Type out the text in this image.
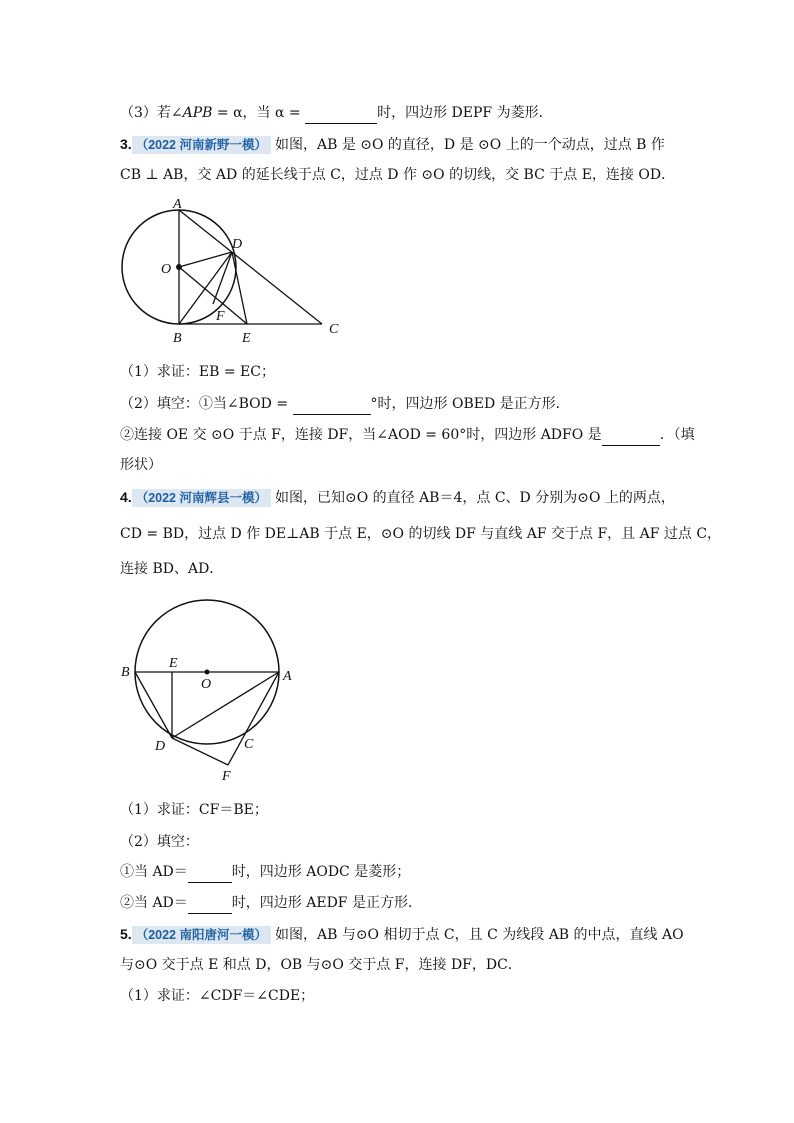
（3）若∠APB = α，当 α =	时，四边形 DEPF 为菱形．
3. （2022 河南新野一模） 如图，AB 是 ⊙O 的直径，D 是 ⊙O 上的一个动点，过点 B 作
CB ⊥ AB，交 AD 的延长线于点 C，过点 D 作 ⊙O 的切线，交 BC 于点 E，连接 OD．
A
D
O
F
B	E
C
（1）求证：EB = EC；
（2）填空：①当∠BOD =	°时，四边形 OBED 是正方形．
②连接 OE 交 ⊙O 于点 F，连接 DF，当∠AOD = 60°时，四边形 ADFO 是	．（填
形状）
4. （2022 河南辉县一模） 如图，已知⊙O 的直径 AB＝4，点 C、D 分别为⊙O 上的两点，
CD = BD，过点 D 作 DE⊥AB 于点 E，⊙O 的切线 DF 与直线 AF 交于点 F，且 AF 过点 C，
连接 BD、AD．
B
E
O
A
D	C
F
（1）求证：CF＝BE；
（2）填空：
①当 AD＝	时，四边形 AODC 是菱形；
②当 AD＝	时，四边形 AEDF 是正方形．
5. （2022 南阳唐河一模） 如图，AB 与⊙O 相切于点 C，且 C 为线段 AB 的中点，直线 AO
与⊙O 交于点 E 和点 D，OB 与⊙O 交于点 F，连接 DF，DC．
（1）求证：∠CDF＝∠CDE；
